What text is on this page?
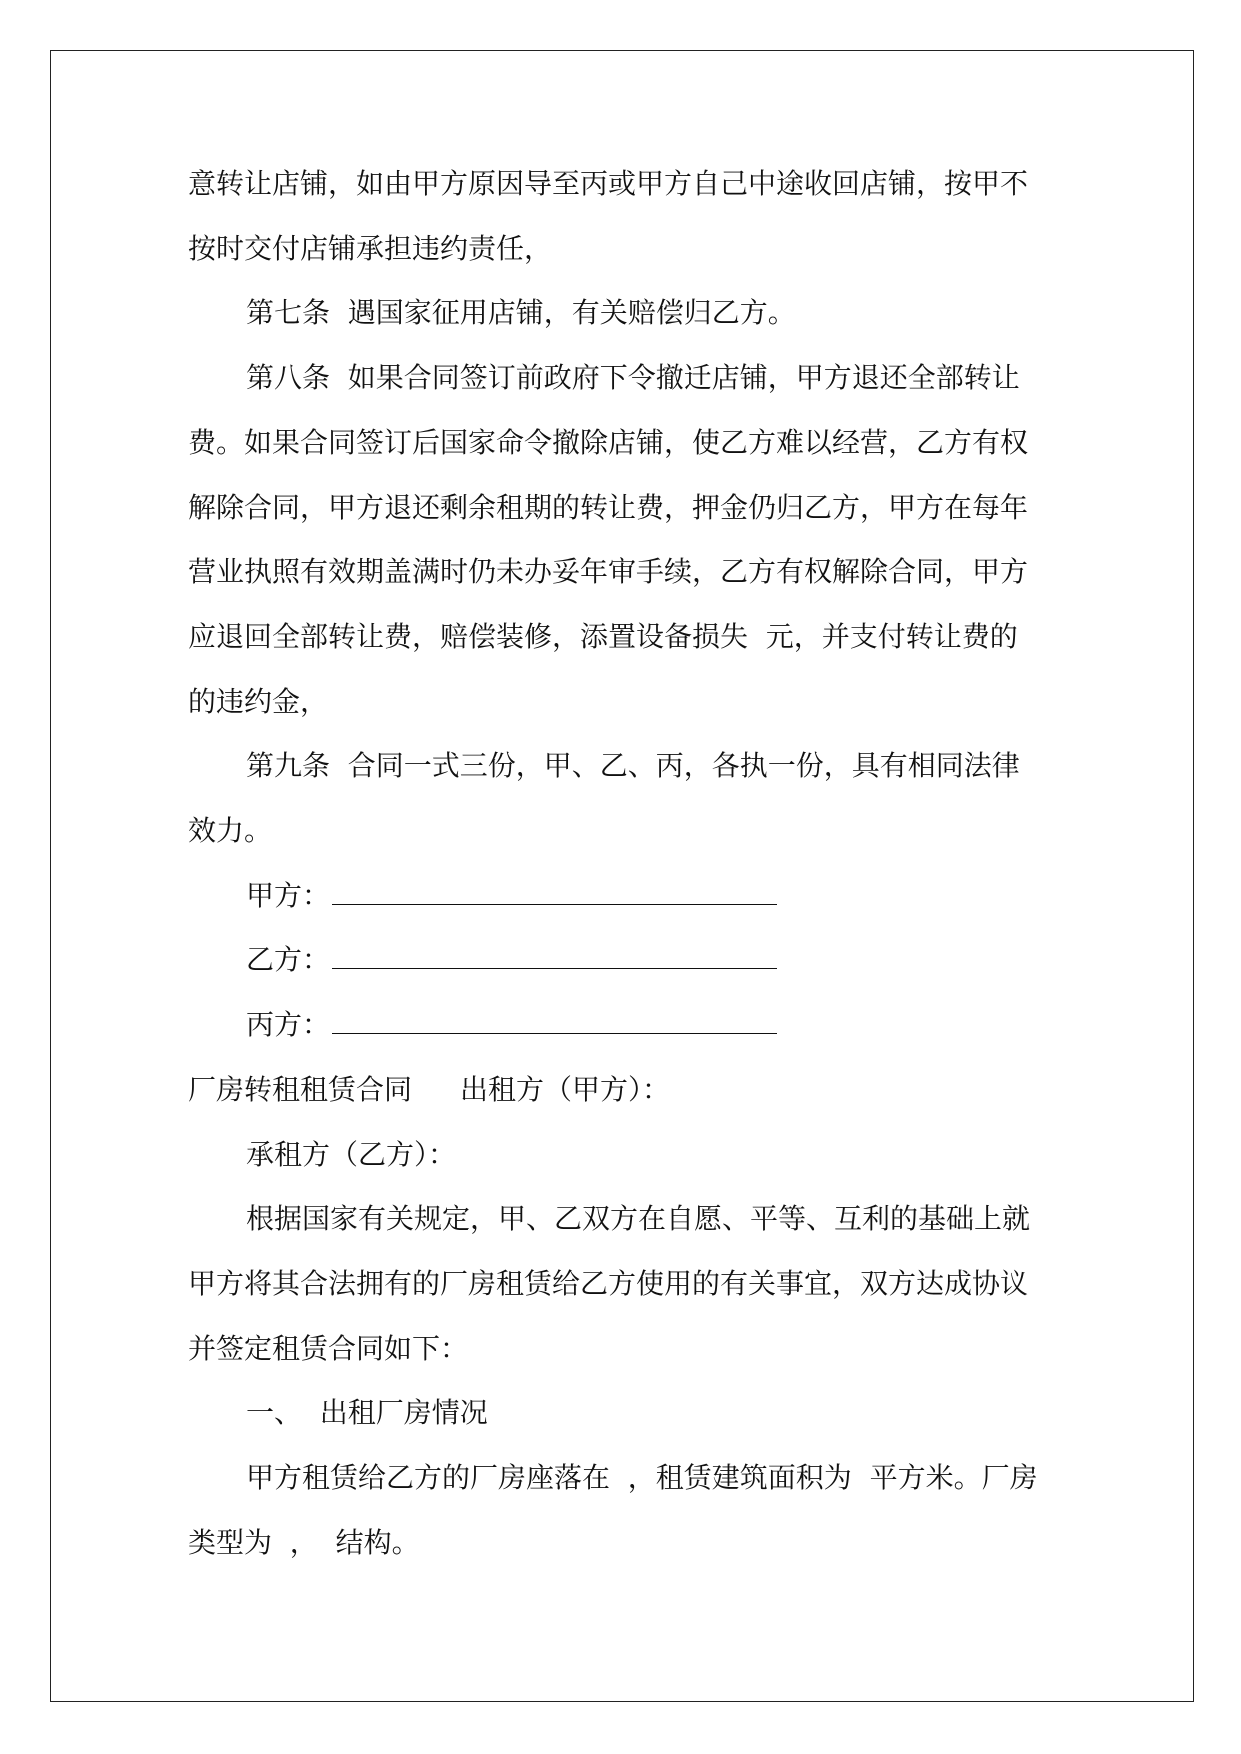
意转让店铺，如由甲方原因导至丙或甲方自己中途收回店铺，按甲不

按时交付店铺承担违约责任，

第七条  遇国家征用店铺，有关赔偿归乙方。

第八条  如果合同签订前政府下令撤迁店铺，甲方退还全部转让

费。如果合同签订后国家命令撤除店铺，使乙方难以经营，乙方有权

解除合同，甲方退还剩余租期的转让费，押金仍归乙方，甲方在每年

营业执照有效期盖满时仍未办妥年审手续，乙方有权解除合同，甲方

应退回全部转让费，赔偿装修，添置设备损失  元，并支付转让费的

的违约金，

第九条  合同一式三份，甲、乙、丙，各执一份，具有相同法律

效力。

甲方：
乙方：
丙方：
厂房转租租赁合同 出租方（甲方）：

承租方（乙方）：

根据国家有关规定，甲、乙双方在自愿、平等、互利的基础上就

甲方将其合法拥有的厂房租赁给乙方使用的有关事宜，双方达成协议

并签定租赁合同如下：

一、  出租厂房情况

甲方租赁给乙方的厂房座落在  ，租赁建筑面积为  平方米。厂房

类型为  ，  结构。
